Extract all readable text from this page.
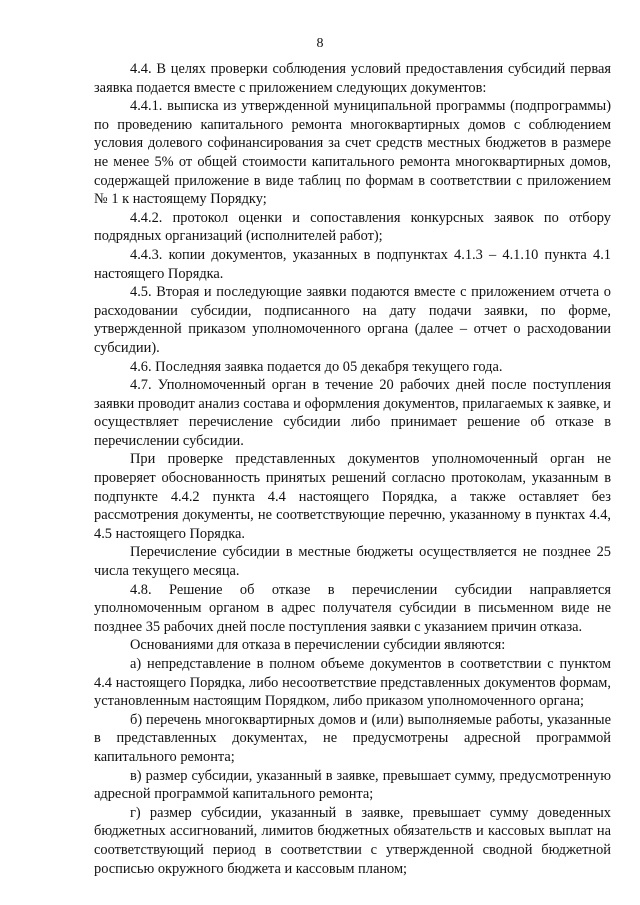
8

4.4. В целях проверки соблюдения условий предоставления субсидий первая заявка подается вместе с приложением следующих документов:

4.4.1. выписка из утвержденной муниципальной программы (подпрограммы) по проведению капитального ремонта многоквартирных домов с соблюдением условия долевого софинансирования за счет средств местных бюджетов в размере не менее 5% от общей стоимости капитального ремонта многоквартирных домов, содержащей приложение в виде таблиц по формам в соответствии с приложением № 1 к настоящему Порядку;

4.4.2. протокол оценки и сопоставления конкурсных заявок по отбору подрядных организаций (исполнителей работ);

4.4.3. копии документов, указанных в подпунктах 4.1.3 – 4.1.10 пункта 4.1 настоящего Порядка.

4.5. Вторая и последующие заявки подаются вместе с приложением отчета о расходовании субсидии, подписанного на дату подачи заявки, по форме, утвержденной приказом уполномоченного органа (далее – отчет о расходовании субсидии).

4.6. Последняя заявка подается до 05 декабря текущего года.

4.7. Уполномоченный орган в течение 20 рабочих дней после поступления заявки проводит анализ состава и оформления документов, прилагаемых к заявке, и осуществляет перечисление субсидии либо принимает решение об отказе в перечислении субсидии.

При проверке представленных документов уполномоченный орган не проверяет обоснованность принятых решений согласно протоколам, указанным в подпункте 4.4.2 пункта 4.4 настоящего Порядка, а также оставляет без рассмотрения документы, не соответствующие перечню, указанному в пунктах 4.4, 4.5 настоящего Порядка.

Перечисление субсидии в местные бюджеты осуществляется не позднее 25 числа текущего месяца.

4.8. Решение об отказе в перечислении субсидии направляется уполномоченным органом в адрес получателя субсидии в письменном виде не позднее 35 рабочих дней после поступления заявки с указанием причин отказа.

Основаниями для отказа в перечислении субсидии являются:

а) непредставление в полном объеме документов в соответствии с пунктом 4.4 настоящего Порядка, либо несоответствие представленных документов формам, установленным настоящим Порядком, либо приказом уполномоченного органа;

б) перечень многоквартирных домов и (или) выполняемые работы, указанные в представленных документах, не предусмотрены адресной программой капитального ремонта;

в) размер субсидии, указанный в заявке, превышает сумму, предусмотренную адресной программой капитального ремонта;

г) размер субсидии, указанный в заявке, превышает сумму доведенных бюджетных ассигнований, лимитов бюджетных обязательств и кассовых выплат на соответствующий период в соответствии с утвержденной сводной бюджетной росписью окружного бюджета и кассовым планом;
